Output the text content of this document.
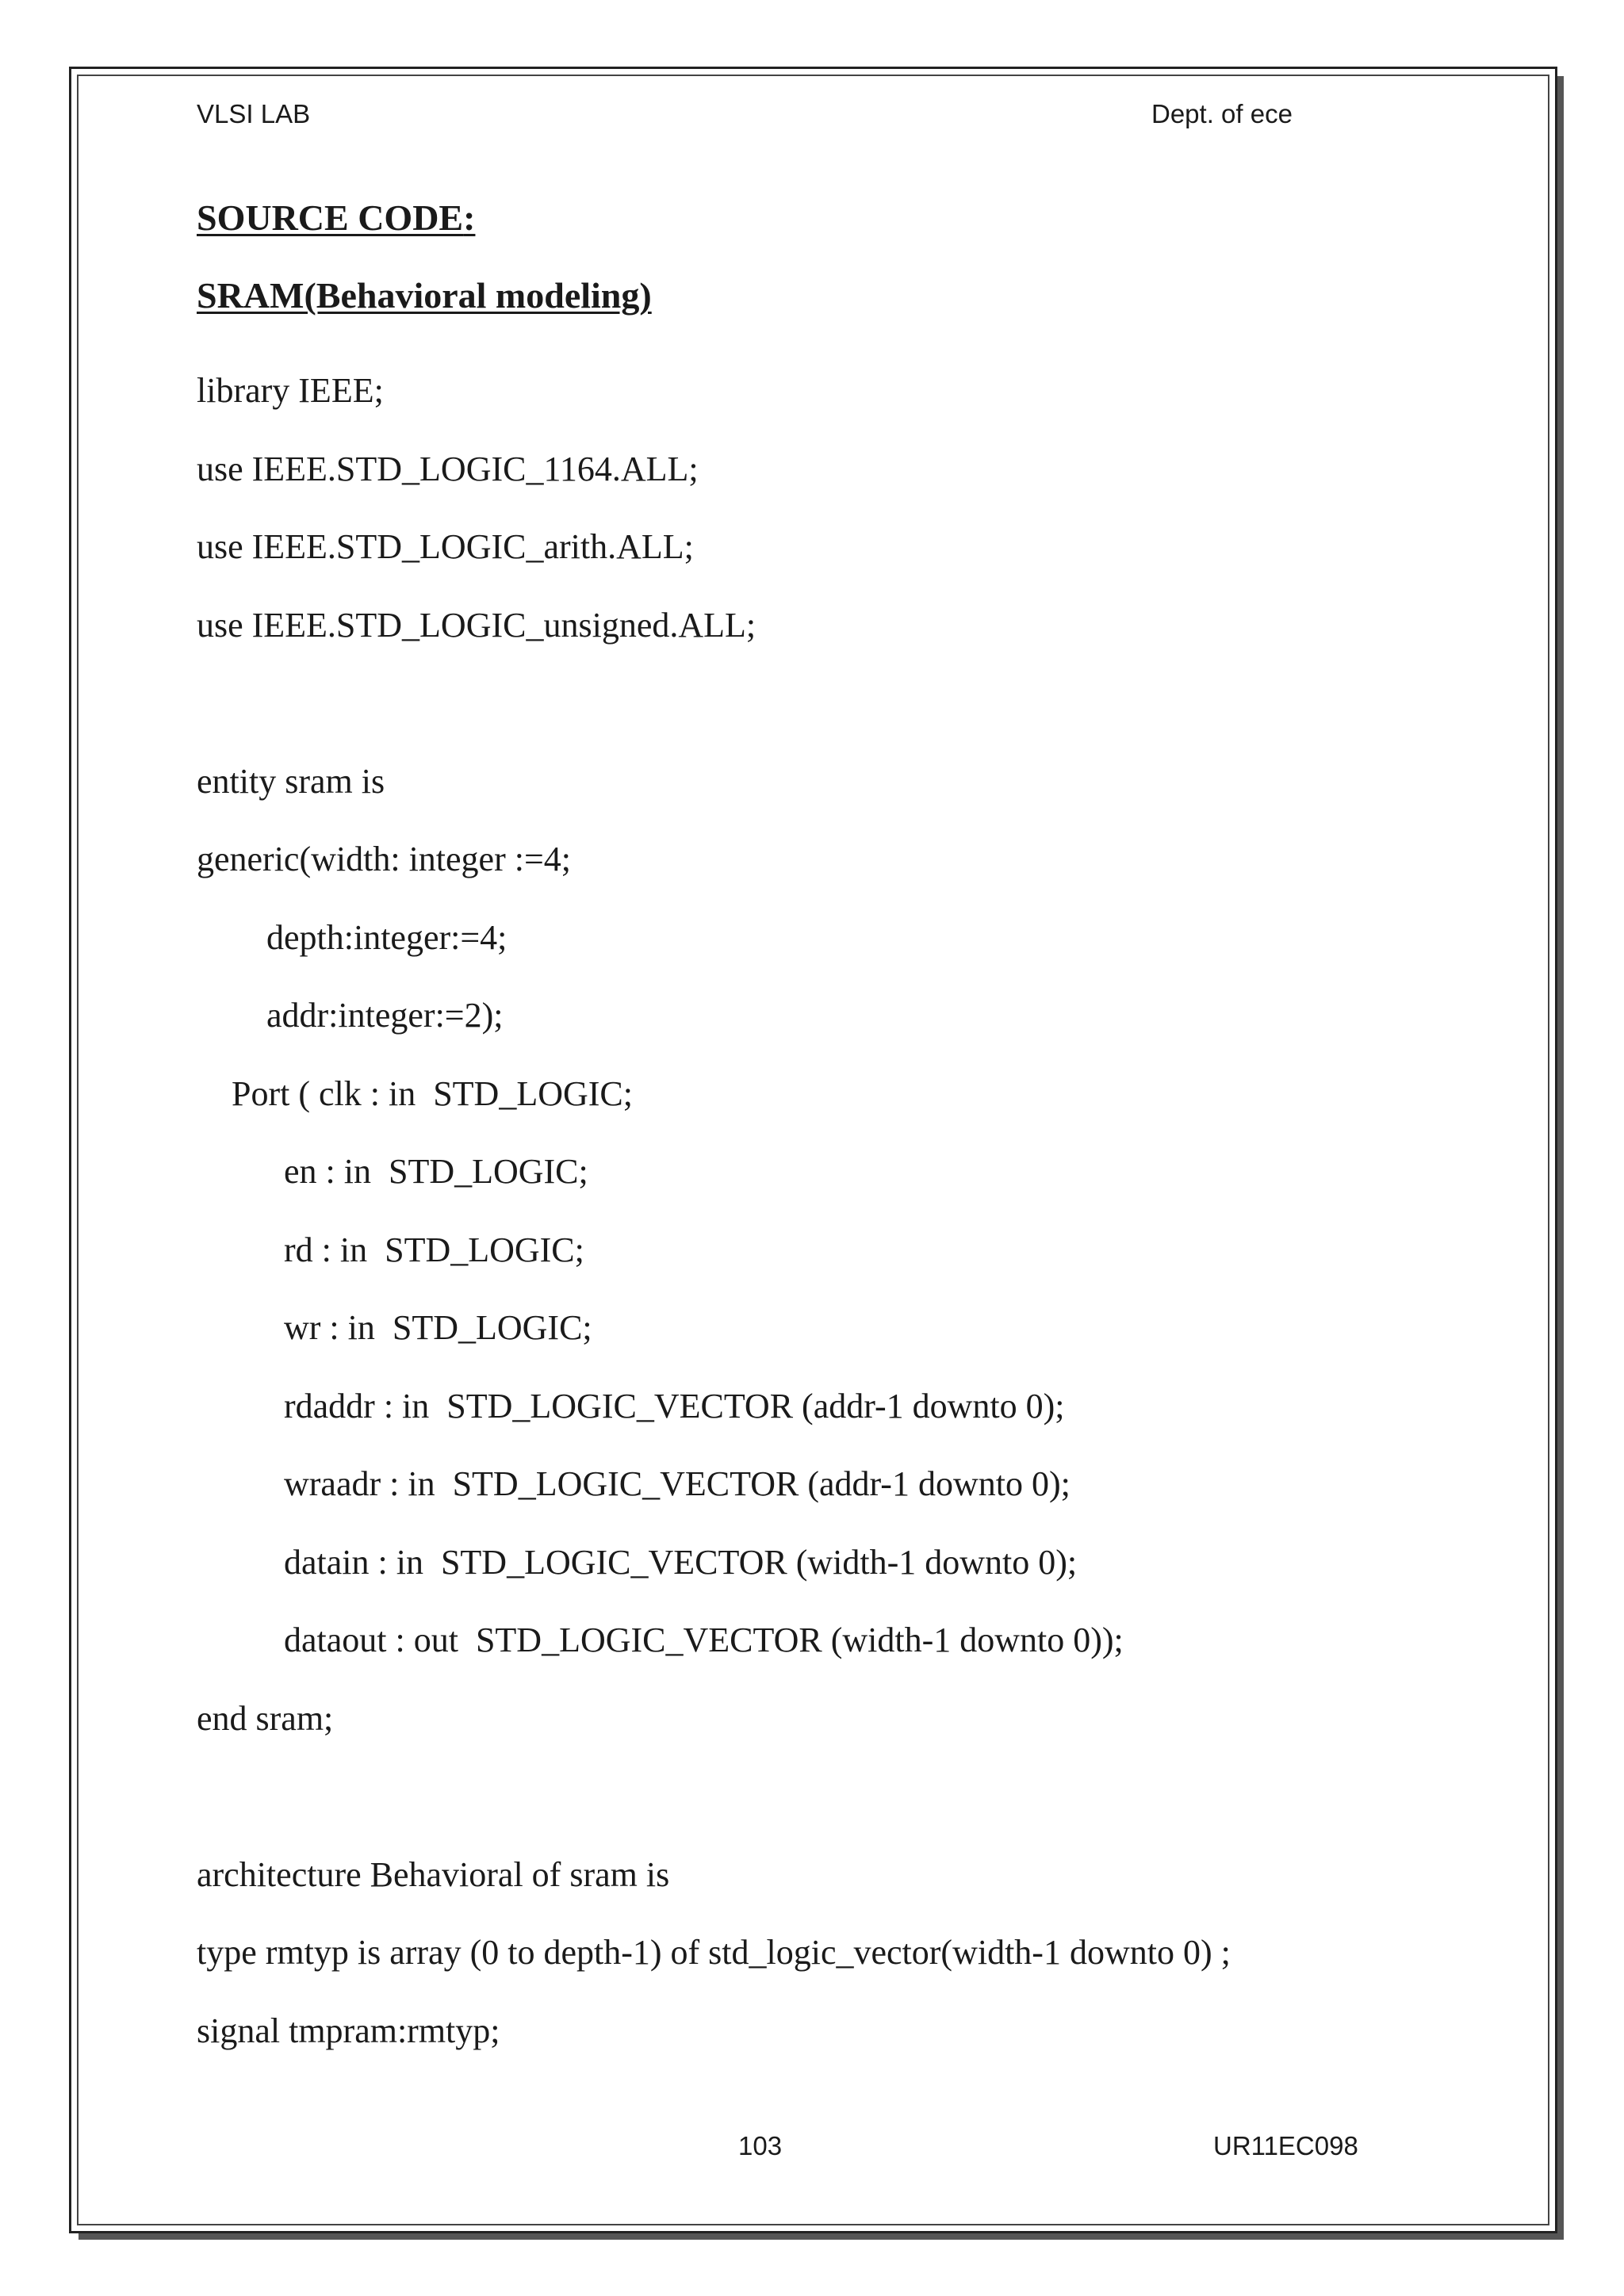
VLSI LAB	Dept. of ece
SOURCE CODE:
SRAM(Behavioral modeling)
library IEEE;
use IEEE.STD_LOGIC_1164.ALL;
use IEEE.STD_LOGIC_arith.ALL;
use IEEE.STD_LOGIC_unsigned.ALL;
entity sram is
generic(width: integer :=4;
depth:integer:=4;
addr:integer:=2);
Port ( clk : in  STD_LOGIC;
en : in  STD_LOGIC;
rd : in  STD_LOGIC;
wr : in  STD_LOGIC;
rdaddr : in  STD_LOGIC_VECTOR (addr-1 downto 0);
wraadr : in  STD_LOGIC_VECTOR (addr-1 downto 0);
datain : in  STD_LOGIC_VECTOR (width-1 downto 0);
dataout : out  STD_LOGIC_VECTOR (width-1 downto 0));
end sram;
architecture Behavioral of sram is
type rmtyp is array (0 to depth-1) of std_logic_vector(width-1 downto 0) ;
signal tmpram:rmtyp;
103	UR11EC098
